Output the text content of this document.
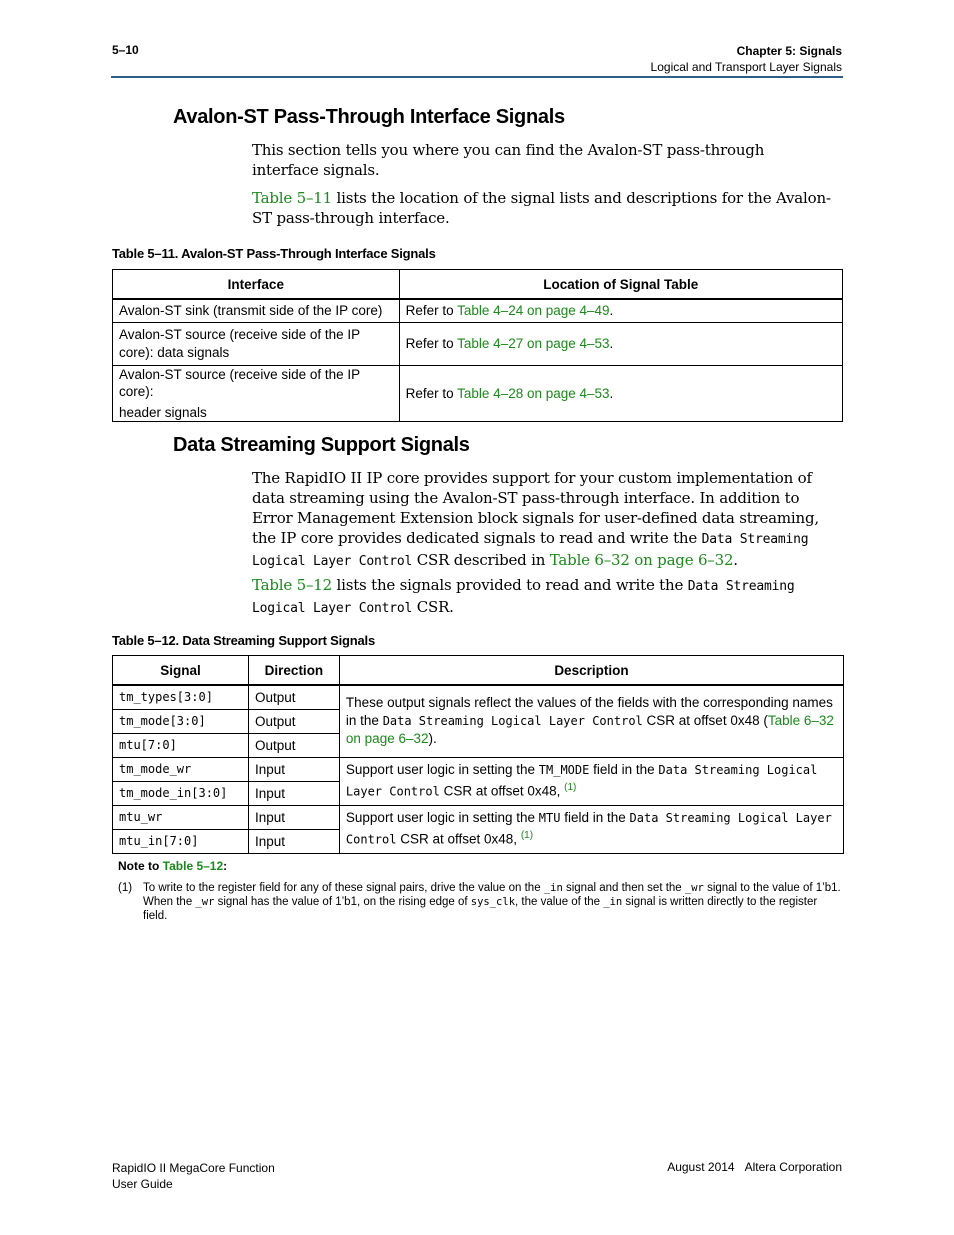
5–10	Chapter 5: Signals
Logical and Transport Layer Signals
Avalon-ST Pass-Through Interface Signals
This section tells you where you can find the Avalon-ST pass-through interface signals.
Table 5–11 lists the location of the signal lists and descriptions for the Avalon-ST pass-through interface.
Table 5–11. Avalon-ST Pass-Through Interface Signals
Interface	Location of Signal Table
Avalon-ST sink (transmit side of the IP core)	Refer to Table 4–24 on page 4–49.
Avalon-ST source (receive side of the IP core): data signals	Refer to Table 4–27 on page 4–53.

Avalon-ST source (receive side of the IP core):
header signals	Refer to Table 4–28 on page 4–53.
Data Streaming Support Signals
The RapidIO II IP core provides support for your custom implementation of data streaming using the Avalon-ST pass-through interface. In addition to Error Management Extension block signals for user-defined data streaming, the IP core provides dedicated signals to read and write the Data Streaming Logical Layer Control CSR described in Table 6–32 on page 6–32.
Table 5–12 lists the signals provided to read and write the Data Streaming Logical Layer Control CSR.
Table 5–12. Data Streaming Support Signals
Signal	Direction	Description
tm_types[3:0]	Output	These output signals reflect the values of the fields with the corresponding names in the Data Streaming Logical Layer Control CSR at offset 0x48 (Table 6–32 on page 6–32).
tm_mode[3:0]	Output	
mtu[7:0]	Output	
tm_mode_wr	Input	Support user logic in setting the TM_MODE field in the Data Streaming Logical Layer Control CSR at offset 0x48, $^{(1)}$
tm_mode_in[3:0]	Input	
mtu_wr	Input	Support user logic in setting the MTU field in the Data Streaming Logical Layer Control CSR at offset 0x48, $^{(1)}$
mtu_in[7:0]	Input	
Note to Table 5–12:
(1) To write to the register field for any of these signal pairs, drive the value on the _in signal and then set the _wr signal to the value of 1’b1. When the _wr signal has the value of 1’b1, on the rising edge of sys_clk, the value of the _in signal is written directly to the register field.
RapidIO II MegaCore Function
User Guide
August 2014 Altera Corporation
